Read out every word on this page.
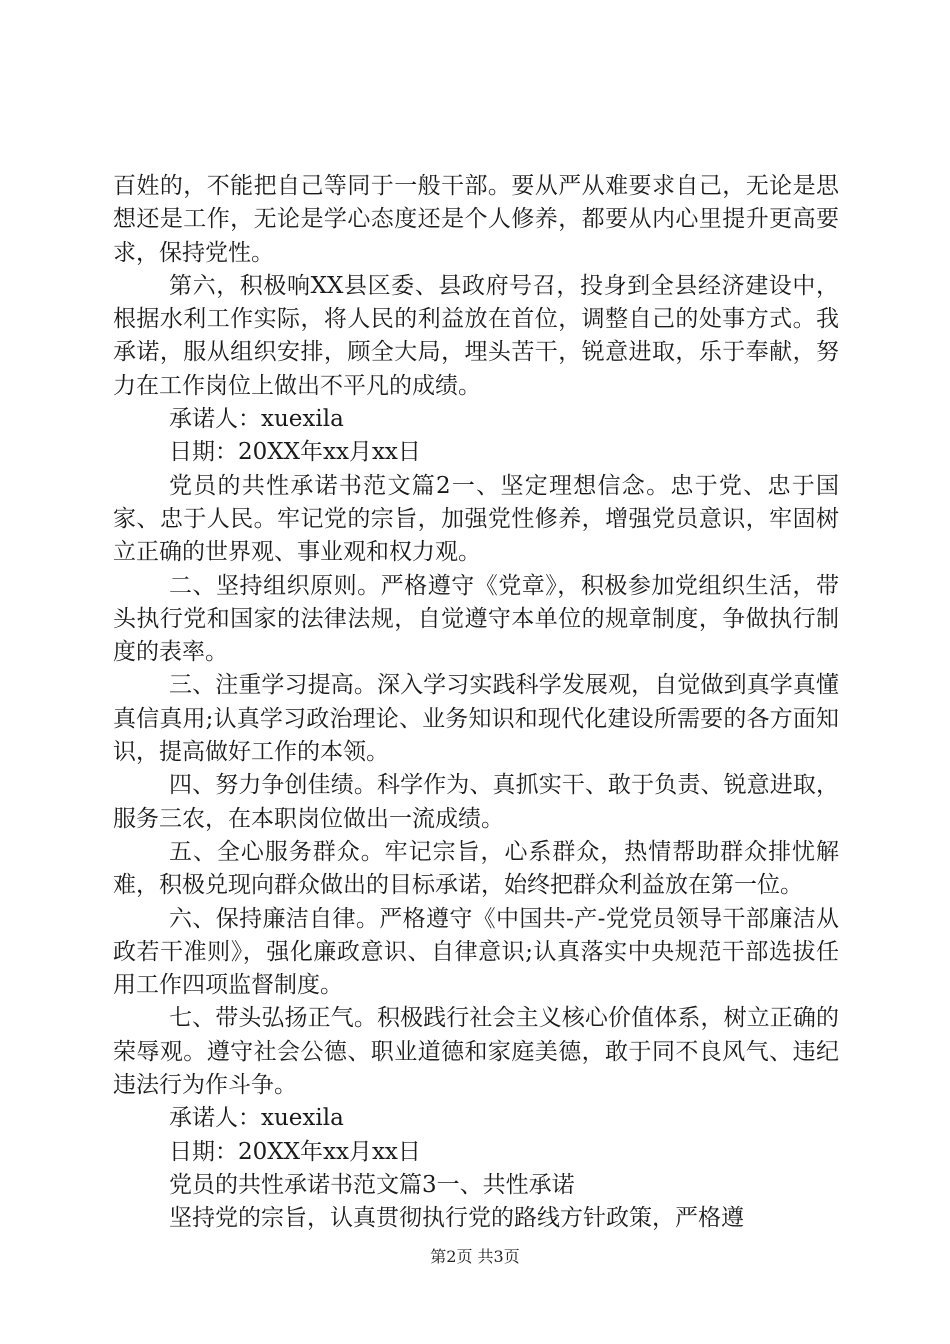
百姓的，不能把自己等同于一般干部。要从严从难要求自己，无论是思想还是工作，无论是学心态度还是个人修养，都要从内心里提升更高要求，保持党性。

第六，积极响XX县区委、县政府号召，投身到全县经济建设中，根据水利工作实际，将人民的利益放在首位，调整自己的处事方式。我承诺，服从组织安排，顾全大局，埋头苦干，锐意进取，乐于奉献，努力在工作岗位上做出不平凡的成绩。

承诺人：xuexila

日期：20XX年xx月xx日

党员的共性承诺书范文篇2一、坚定理想信念。忠于党、忠于国家、忠于人民。牢记党的宗旨，加强党性修养，增强党员意识，牢固树立正确的世界观、事业观和权力观。

二、坚持组织原则。严格遵守《党章》，积极参加党组织生活，带头执行党和国家的法律法规，自觉遵守本单位的规章制度，争做执行制度的表率。

三、注重学习提高。深入学习实践科学发展观，自觉做到真学真懂真信真用;认真学习政治理论、业务知识和现代化建设所需要的各方面知识，提高做好工作的本领。

四、努力争创佳绩。科学作为、真抓实干、敢于负责、锐意进取，服务三农，在本职岗位做出一流成绩。

五、全心服务群众。牢记宗旨，心系群众，热情帮助群众排忧解难，积极兑现向群众做出的目标承诺，始终把群众利益放在第一位。

六、保持廉洁自律。严格遵守《中国共-产-党党员领导干部廉洁从政若干准则》，强化廉政意识、自律意识;认真落实中央规范干部选拔任用工作四项监督制度。

七、带头弘扬正气。积极践行社会主义核心价值体系，树立正确的荣辱观。遵守社会公德、职业道德和家庭美德，敢于同不良风气、违纪违法行为作斗争。

承诺人：xuexila

日期：20XX年xx月xx日

党员的共性承诺书范文篇3一、共性承诺

坚持党的宗旨，认真贯彻执行党的路线方针政策，严格遵

第2页 共3页
